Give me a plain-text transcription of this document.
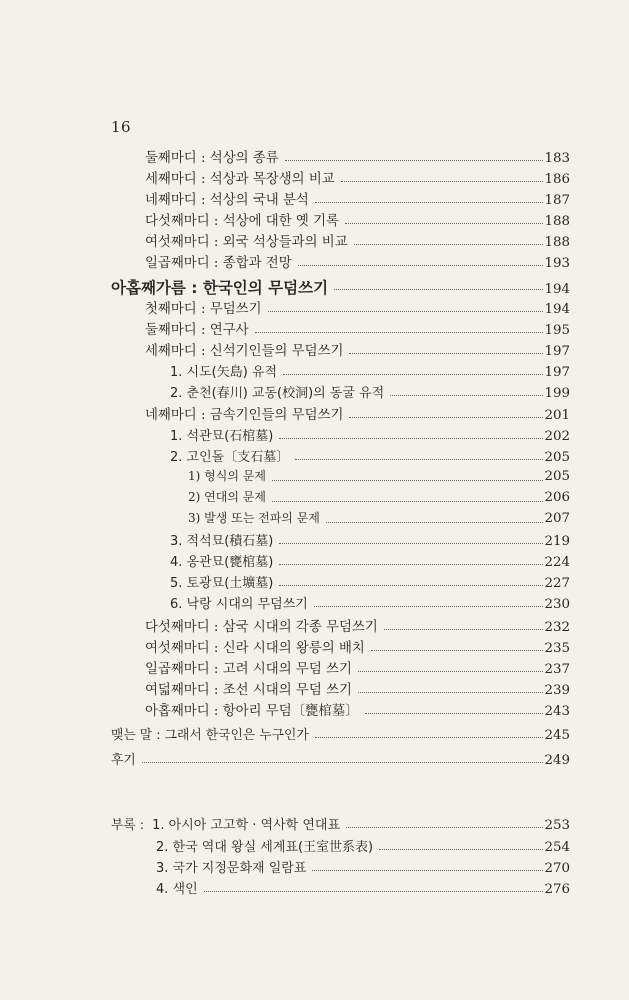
16
둘째마디 : 석상의 종류	183
세째마디 : 석상과 목장생의 비교	186
네째마디 : 석상의 국내 분석	187
다섯째마디 : 석상에 대한 옛 기록	188
여섯째마디 : 외국 석상들과의 비교	188
일곱째마디 : 종합과 전망	193
아홉째가름 : 한국인의 무덤쓰기	194
첫째마디 : 무덤쓰기	194
둘째마디 : 연구사	195
세째마디 : 신석기인들의 무덤쓰기	197
1. 시도(矢島) 유적	197
2. 춘천(春川) 교동(校洞)의 동굴 유적	199
네째마디 : 금속기인들의 무덤쓰기	201
1. 석관묘(石棺墓)	202
2. 고인돌〔支石墓〕	205
1) 형식의 문제	205
2) 연대의 문제	206
3) 발생 또는 전파의 문제	207
3. 적석묘(積石墓)	219
4. 옹관묘(甕棺墓)	224
5. 토광묘(土壙墓)	227
6. 낙랑 시대의 무덤쓰기	230
다섯째마디 : 삼국 시대의 각종 무덤쓰기	232
여섯째마디 : 신라 시대의 왕릉의 배치	235
일곱째마디 : 고려 시대의 무덤 쓰기	237
여덟째마디 : 조선 시대의 무덤 쓰기	239
아홉째마디 : 항아리 무덤〔甕棺墓〕	243
맺는 말 : 그래서 한국인은 누구인가	245
후기	249
부록 : 1. 아시아 고고학 · 역사학 연대표	253
2. 한국 역대 왕실 세계표(王室世系表)	254
3. 국가 지정문화재 일람표	270
4. 색인	276
